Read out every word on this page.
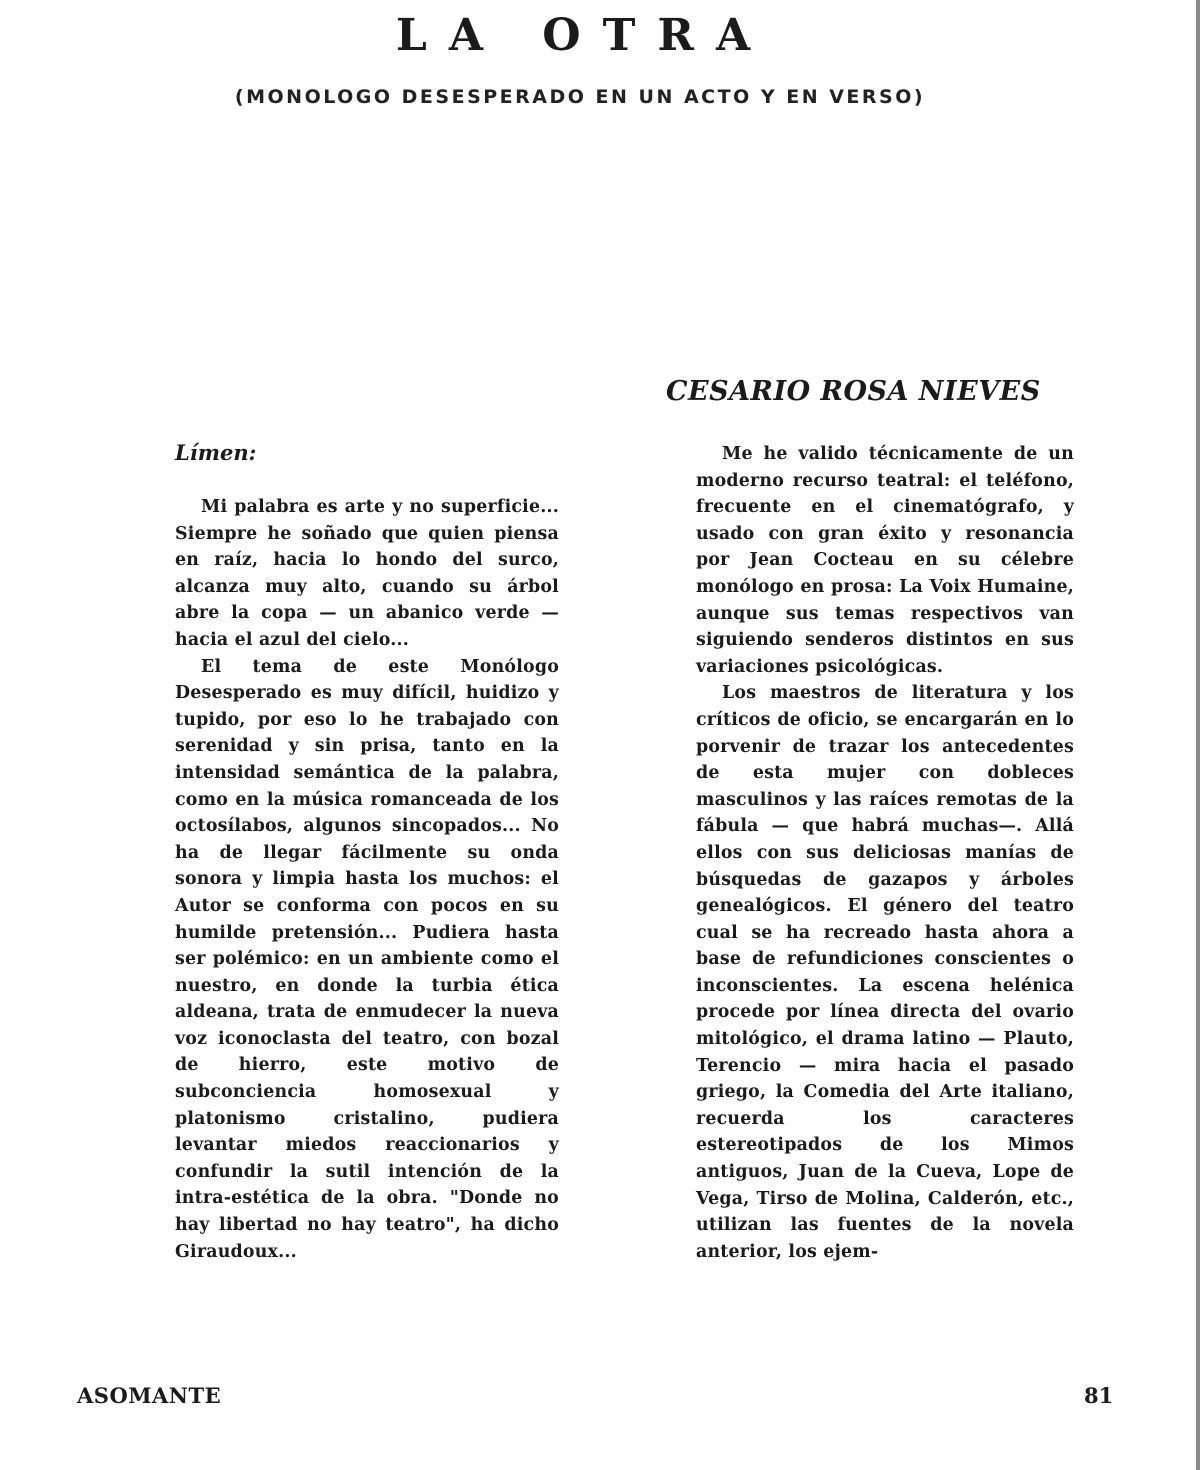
LA OTRA
(MONOLOGO DESESPERADO EN UN ACTO Y EN VERSO)
CESARIO ROSA NIEVES
Límen:

Mi palabra es arte y no superficie... Siempre he soñado que quien piensa en raíz, hacia lo hondo del surco, alcanza muy alto, cuando su árbol abre la copa — un abanico verde — hacia el azul del cielo...

El tema de este Monólogo Desesperado es muy difícil, huidizo y tupido, por eso lo he trabajado con serenidad y sin prisa, tanto en la intensidad semántica de la palabra, como en la música romanceada de los octosílabos, algunos sincopados... No ha de llegar fácilmente su onda sonora y limpia hasta los muchos: el Autor se conforma con pocos en su humilde pretensión... Pudiera hasta ser polémico: en un ambiente como el nuestro, en donde la turbia ética aldeana, trata de enmudecer la nueva voz iconoclasta del teatro, con bozal de hierro, este motivo de subconciencia homosexual y platonismo cristalino, pudiera levantar miedos reaccionarios y confundir la sutil intención de la intra-estética de la obra. "Donde no hay libertad no hay teatro", ha dicho Giraudoux...

Me he valido técnicamente de un moderno recurso teatral: el teléfono, frecuente en el cinematógrafo, y usado con gran éxito y resonancia por Jean Cocteau en su célebre monólogo en prosa: La Voix Humaine, aunque sus temas respectivos van siguiendo senderos distintos en sus variaciones psicológicas.

Los maestros de literatura y los críticos de oficio, se encargarán en lo porvenir de trazar los antecedentes de esta mujer con dobleces masculinos y las raíces remotas de la fábula — que habrá muchas—. Allá ellos con sus deliciosas manías de búsquedas de gazapos y árboles genealógicos. El género del teatro cual se ha recreado hasta ahora a base de refundiciones conscientes o inconscientes. La escena helénica procede por línea directa del ovario mitológico, el drama latino — Plauto, Terencio — mira hacia el pasado griego, la Comedia del Arte italiano, recuerda los caracteres estereotipados de los Mimos antiguos, Juan de la Cueva, Lope de Vega, Tirso de Molina, Calderón, etc., utilizan las fuentes de la novela anterior, los ejem-

ASOMANTE	81
